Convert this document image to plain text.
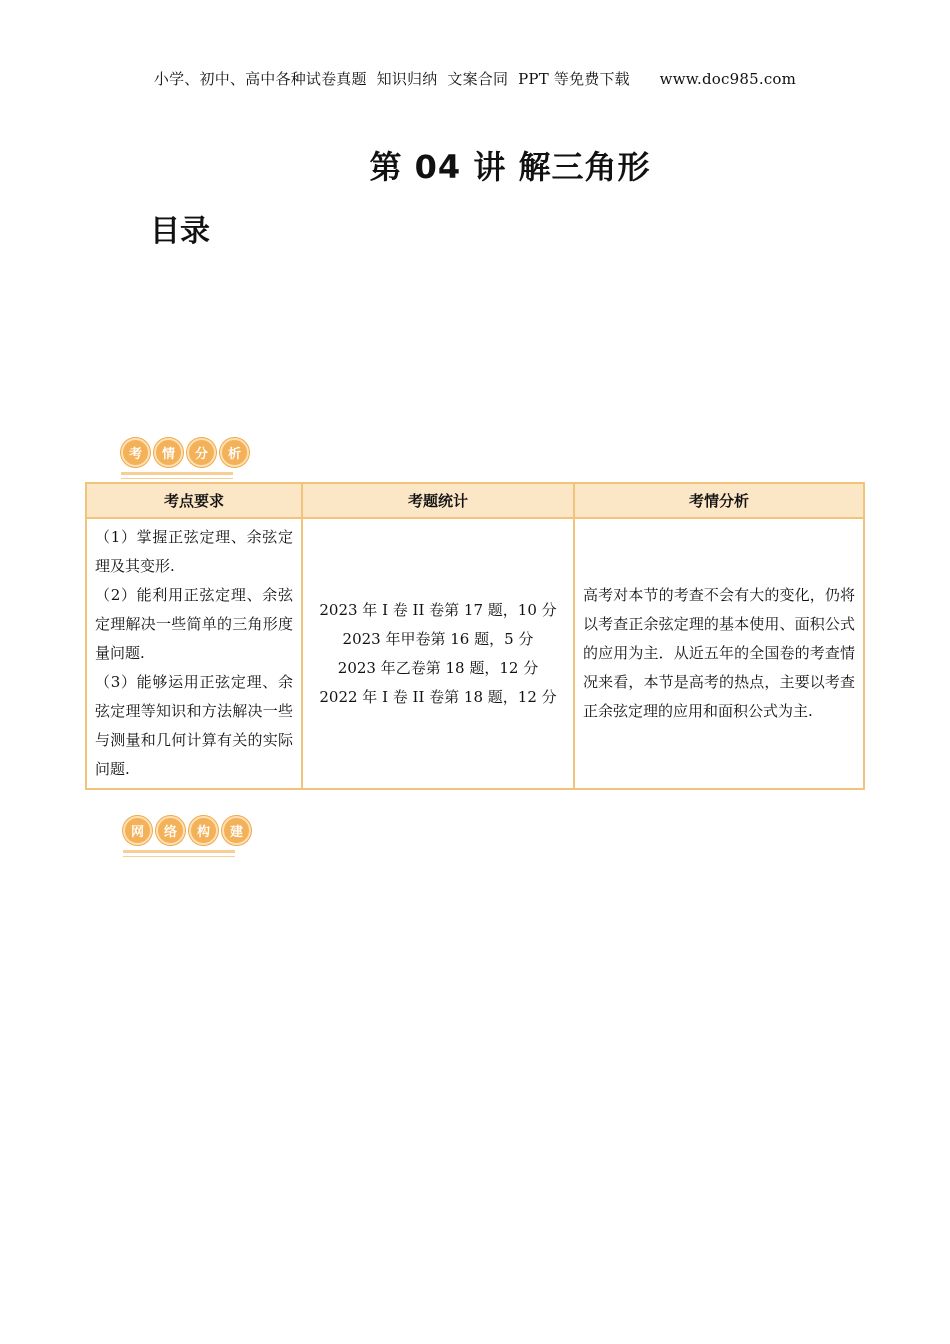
小学、初中、高中各种试卷真题  知识归纳  文案合同  PPT 等免费下载      www.doc985.com
第 04 讲 解三角形
目录
考	情	分	析
考点要求	考题统计	考情分析

（1）掌握正弦定理、余弦定理及其变形.
（2）能利用正弦定理、余弦定理解决一些简单的三角形度量问题.
（3）能够运用正弦定理、余弦定理等知识和方法解决一些与测量和几何计算有关的实际问题.	2023 年 I 卷 II 卷第 17 题，10 分
2023 年甲卷第 16 题，5 分
2023 年乙卷第 18 题，12 分
2022 年 I 卷 II 卷第 18 题，12 分	高考对本节的考查不会有大的变化，仍将以考查正余弦定理的基本使用、面积公式的应用为主．从近五年的全国卷的考查情况来看，本节是高考的热点，主要以考查正余弦定理的应用和面积公式为主.
网	络	构	建
